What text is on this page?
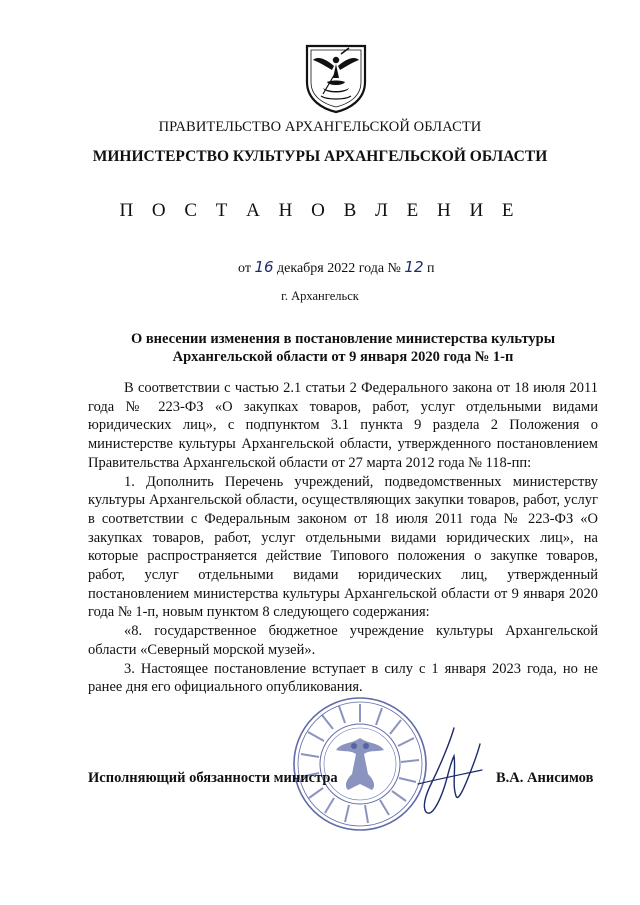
ПРАВИТЕЛЬСТВО АРХАНГЕЛЬСКОЙ ОБЛАСТИ
МИНИСТЕРСТВО КУЛЬТУРЫ АРХАНГЕЛЬСКОЙ ОБЛАСТИ
П О С Т А Н О В Л Е Н И Е
от 16 декабря 2022 года № 12 п
г. Архангельск
О внесении изменения в постановление министерства культуры
Архангельской области от 9 января 2020 года № 1-п

В соответствии с частью 2.1 статьи 2 Федерального закона от 18 июля 2011 года № 223-ФЗ «О закупках товаров, работ, услуг отдельными видами юридических лиц», с подпунктом 3.1 пункта 9 раздела 2 Положения о министерстве культуры Архангельской области, утвержденного постановлением Правительства Архангельской области от 27 марта 2012 года № 118-пп:

1. Дополнить Перечень учреждений, подведомственных министерству культуры Архангельской области, осуществляющих закупки товаров, работ, услуг в соответствии с Федеральным законом от 18 июля 2011 года № 223-ФЗ «О закупках товаров, работ, услуг отдельными видами юридических лиц», на которые распространяется действие Типового положения о закупке товаров, работ, услуг отдельными видами юридических лиц, утвержденный постановлением министерства культуры Архангельской области от 9 января 2020 года № 1-п, новым пунктом 8 следующего содержания:

«8. государственное бюджетное учреждение культуры Архангельской области «Северный морской музей».

3. Настоящее постановление вступает в силу с 1 января 2023 года, но не ранее дня его официального опубликования.

Исполняющий обязанности министра	В.А. Анисимов
